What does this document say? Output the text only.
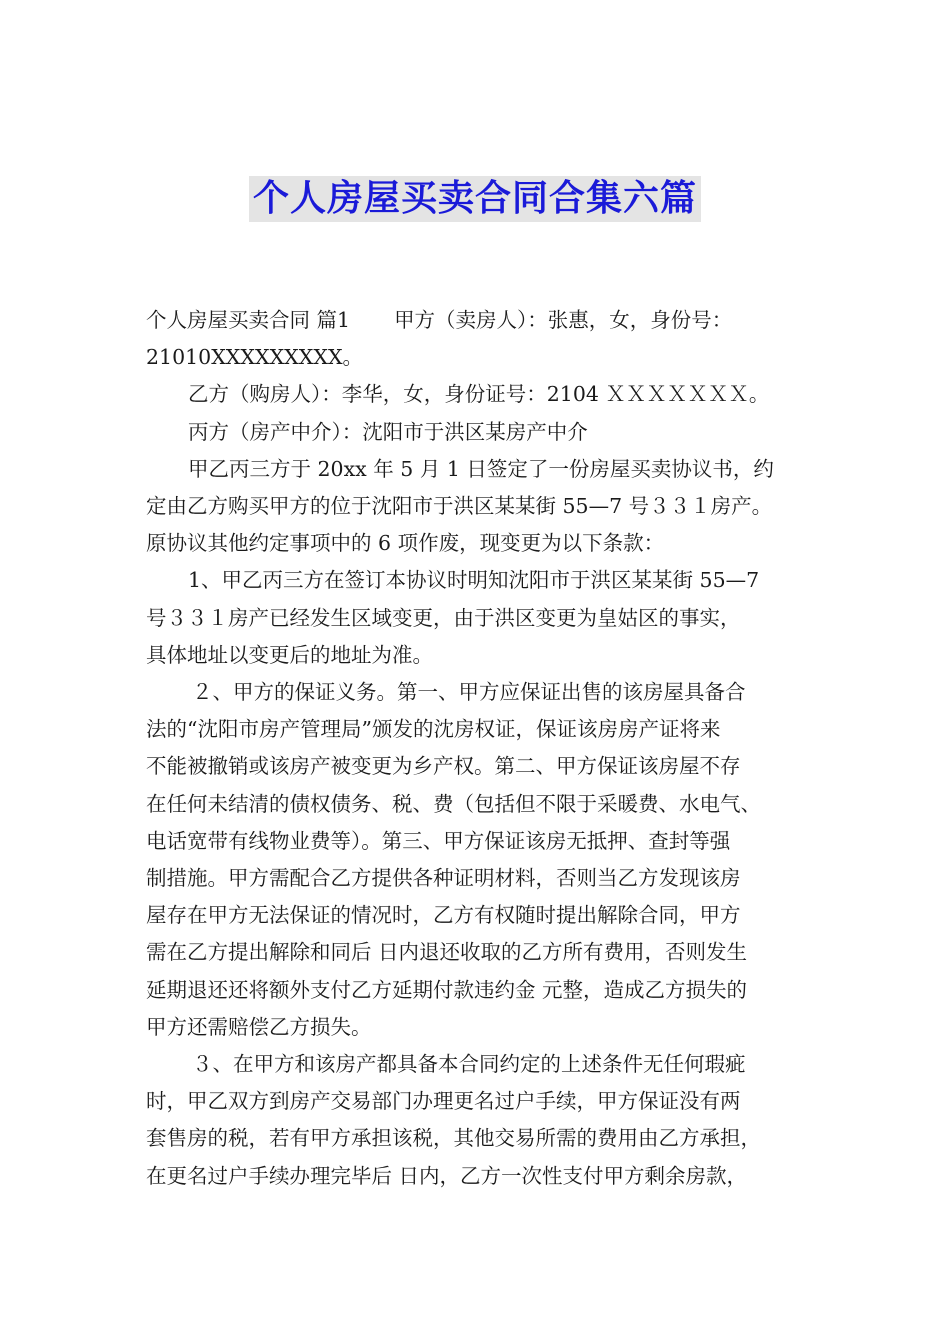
个人房屋买卖合同合集六篇

个人房屋买卖合同 篇1 甲方（卖房人）：张惠，女，身份号：
21010XXXXXXXXX。

乙方（购房人）：李华，女，身份证号：2104 ＸＸＸＸＸＸＸ。

丙方（房产中介）：沈阳市于洪区某房产中介

甲乙丙三方于 20xx 年 5 月 1 日签定了一份房屋买卖协议书，约
定由乙方购买甲方的位于沈阳市于洪区某某街 55—7 号３３１房产。
原协议其他约定事项中的 6 项作废，现变更为以下条款：

1、甲乙丙三方在签订本协议时明知沈阳市于洪区某某街 55—7
号３３１房产已经发生区域变更，由于洪区变更为皇姑区的事实，
具体地址以变更后的地址为准。

２、甲方的保证义务。第一、甲方应保证出售的该房屋具备合
法的“沈阳市房产管理局”颁发的沈房权证，保证该房房产证将来
不能被撤销或该房产被变更为乡产权。第二、甲方保证该房屋不存
在任何未结清的债权债务、税、费（包括但不限于采暖费、水电气、
电话宽带有线物业费等）。第三、甲方保证该房无抵押、查封等强
制措施。甲方需配合乙方提供各种证明材料，否则当乙方发现该房
屋存在甲方无法保证的情况时，乙方有权随时提出解除合同，甲方
需在乙方提出解除和同后 日内退还收取的乙方所有费用，否则发生
延期退还还将额外支付乙方延期付款违约金 元整，造成乙方损失的
甲方还需赔偿乙方损失。

３、在甲方和该房产都具备本合同约定的上述条件无任何瑕疵
时，甲乙双方到房产交易部门办理更名过户手续，甲方保证没有两
套售房的税，若有甲方承担该税，其他交易所需的费用由乙方承担，
在更名过户手续办理完毕后 日内，乙方一次性支付甲方剩余房款，
